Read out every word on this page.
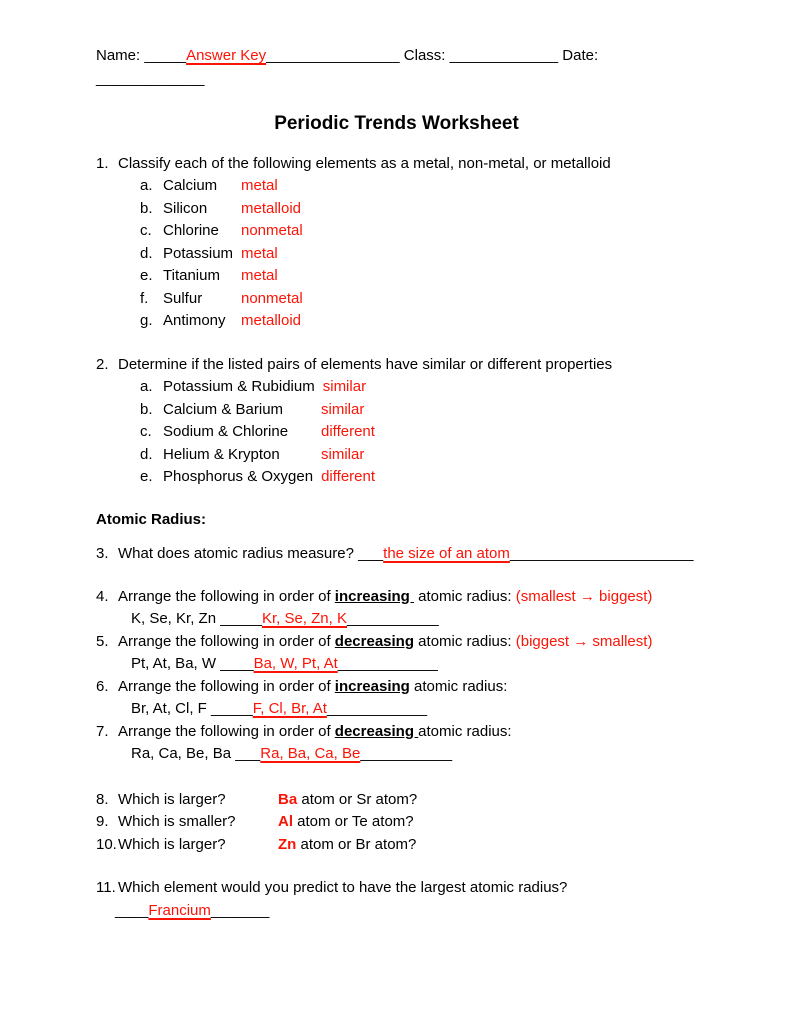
Name: _____Answer Key________________ Class: _____________ Date: _____________
Periodic Trends Worksheet
1. Classify each of the following elements as a metal, non-metal, or metalloid
a. Calcium	metal
b. Silicon	metalloid
c. Chlorine	nonmetal
d. Potassium metal
e. Titanium	metal
f. Sulfur	nonmetal
g. Antimony	metalloid
2. Determine if the listed pairs of elements have similar or different properties
a. Potassium & Rubidium similar
b. Calcium & Barium	similar
c. Sodium & Chlorine	different
d. Helium & Krypton	similar
e. Phosphorus & Oxygen different
Atomic Radius:
3. What does atomic radius measure? ___the size of an atom______________________
4. Arrange the following in order of increasing  atomic radius: (smallest → biggest)
K, Se, Kr, Zn _____Kr, Se, Zn, K___________
5. Arrange the following in order of decreasing atomic radius: (biggest → smallest)
Pt, At, Ba, W ____Ba, W, Pt, At____________
6. Arrange the following in order of increasing atomic radius:
Br, At, Cl, F _____F, Cl, Br, At____________
7. Arrange the following in order of decreasing atomic radius:
Ra, Ca, Be, Ba ___Ra, Ba, Ca, Be___________
8. Which is larger?	Ba atom or Sr atom?
9. Which is smaller?	Al atom or Te atom?
10.Which is larger?	Zn atom or Br atom?
11. Which element would you predict to have the largest atomic radius?
____Francium_______
